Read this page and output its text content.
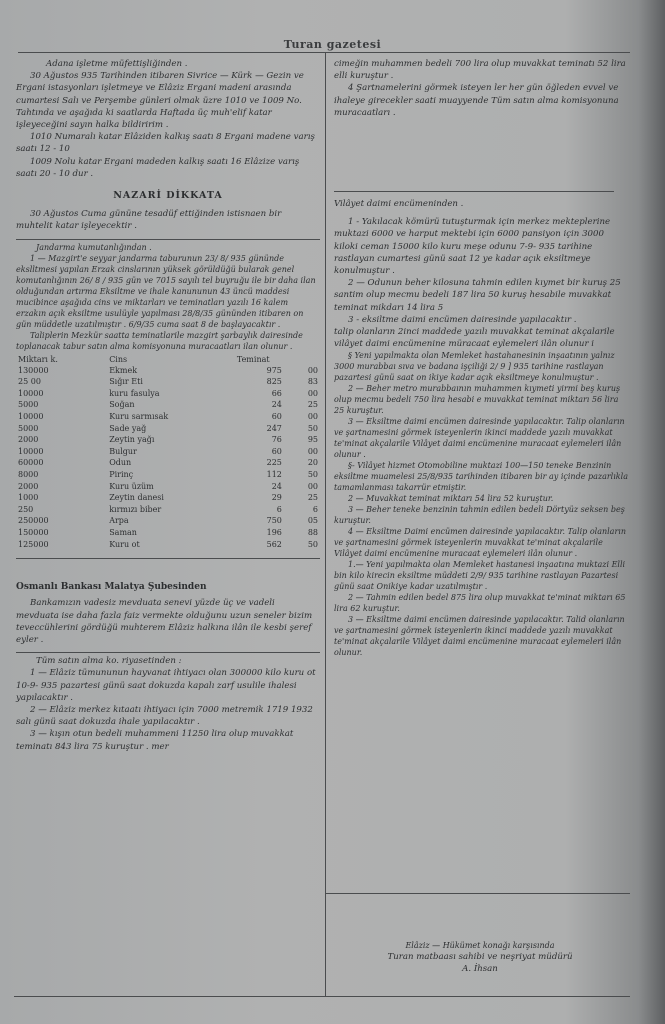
Turan gazetesi

Adana işletme müfettişliğinden .

30 Ağustos 935 Tarihinden itibaren Sivrice — Kürk — Gezin ve Ergani istasyonları işletmeye ve Elâziz Ergani madeni arasında cumartesi Salı ve Perşembe günleri olmak üzre 1010 ve 1009 No. Tahtında ve aşağıda ki saatlarda Haftada üç muh'elif katar işleyeceğini sayın halka bildiririm .

1010 Numaralı katar Elâziden kalkış saatı 8 Ergani madene varış saatı 12 - 10

1009 Nolu katar Ergani madeden kalkış saatı 16 Elâzize varış saatı 20 - 10 dur .

NAZARİ DİKKATA

30 Ağustos Cuma gününe tesadüf ettiğinden istisnaen bir muhtelit katar işleyecektir .

Jandarma kumutanlığından .

1 — Mazgirt'e seyyar jandarma taburunun 23/ 8/ 935 gününde ekslltmesi yapılan Erzak cinslarının yüksek görüldüğü bularak genel komutanlığının 26/ 8 / 935 gün ve 7015 sayılı tel buyruğu ile bir daha ilan olduğundan artırma Eksiltme ve ihale kanununun 43 üncü maddesi mucibince aşağıda cins ve miktarları ve teminatları yazılı 16 kalem erzakın açık eksiltme usulüyle yapılması 28/8/35 gününden itibaren on gün müddetle uzatılmıştır . 6/9/35 cuma saat 8 de başlayacaktır .

Taliplerin Mezkür saatta teminatlarile mazgirt şarbaylık dairesinde toplanacak tabur satın alma komisyonuna muracaatları ilan olunur .

Miktarı k.	Cins	Teminat	
130000	Ekmek	975	00
25 00	Sığır Eti	825	83
10000	kuru fasulya	66	00
5000	Soğan	24	25
10000	Kuru sarmısak	60	00
5000	Sade yağ	247	50
2000	Zeytin yağı	76	95
10000	Bulgur	60	00
60000	Odun	225	20
8000	Pirinç	112	50
2000	Kuru üzüm	24	00
1000	Zeytin danesi	29	25
250	kırmızı biber	6	6
250000	Arpa	750	05
150000	Saman	196	88
125000	Kuru ot	562	50
Osmanlı Bankası Malatya Şubesinden

Bankamızın vadesiz mevduata senevi yüzde üç ve vadeli mevduata ise daha fazla faiz vermekte olduğunu uzun seneler bizim teveccühlerini gördüğü muhterem Elâziz halkına ilân ile kesbi şeref eyler .

Tüm satın alma ko. riyasetinden :

1 — Elâziz tümununun hayvanat ihtiyacı olan 300000 kilo kuru ot 10-9- 935 pazartesi günü saat dokuzda kapalı zarf usulile ihalesi yapılacaktır .

2 — Elâziz merkez kıtaatı ihtiyacı için 7000 metremik 1719 1932 salı günü saat dokuzda ihale yapılacaktır .

3 — kışın otun bedeli muhammeni 11250 lira olup muvakkat teminatı 843 lira 75 kuruştur . mer

cimeğin muhammen bedeli 700 lira olup muvakkat teminatı 52 lira elli kuruştur .

4 Şartnamelerini görmek isteyen ler her gün öğleden evvel ve ihaleye girecekler saati muayyende Tüm satın alma komisyonuna muracaatları .

Vilâyet daimi encümeninden .

1 - Yakılacak kömürü tutuşturmak için merkez mekteplerine muktazi 6000 ve harput mektebi için 6000 pansiyon için 3000 kiloki ceman 15000 kilo kuru meşe odunu 7-9- 935 tarihine rastlayan cumartesi günü saat 12 ye kadar açık eksiltmeye konulmuştur .

2 — Odunun beher kilosuna tahmin edilen kıymet bir kuruş 25 santim olup mecmu bedeli 187 lira 50 kuruş hesabile muvakkat teminat mikdarı 14 lira 5

3 - eksiltme daimi encümen dairesinde yapılacaktır .

talip olanların 2inci maddede yazılı muvakkat teminat akçalarile vilâyet daimi encümenine müracaat eylemeleri ilân olunur i

§ Yeni yapılmakta olan Memleket hastahanesinin inşaatının yalnız 3000 murabbaı sıva ve badana işçiliği 2/ 9 ] 935 tarihine rastlayan pazartesi günü saat on ikiye kadar açık eksiltmeye konulmuştur .

2 — Beher metro murabbaının muhammen kıymeti yirmi beş kuruş olup mecmu bedeli 750 lira hesabi e muvakkat teminat miktarı 56 lira 25 kuruştur.

3 — Eksiltme daimi encümen dairesinde yapılacaktır. Talip olanların ve şartnamesini görmek isteyenlerin ikinci maddede yazılı muvakkat te'minat akçalarile Vilâyet daimi encümenine muracaat eylemeleri ilân olunur .

§- Vilâyet hizmet Otomobiline muktazi 100—150 teneke Benzinin eksiltme muamelesi 25/8/935 tarihinden itibaren bir ay içinde pazarlıkla tamamlanması takarrür etmiştir.

2 — Muvakkat teminat miktarı 54 lira 52 kuruştur.

3 — Beher teneke benzinin tahmin edilen bedeli Dörtyüz seksen beş kuruştur.

4 — Eksiltme Daimi encümen dairesinde yapılacaktır. Talip olanların ve şartnamesini görmek isteyenlerin muvakkat te'minat akçalarile Vilâyet daimi encümenine muracaat eylemeleri ilân olunur .

1.— Yeni yapılmakta olan Memleket hastanesi inşaatına muktazi Elli bin kilo kirecin eksiltme müddeti 2/9/ 935 tarihine rastlayan Pazartesi günü saat Onikiye kadar uzatılmıştır .

2 — Tahmin edilen bedel 875 lira olup muvakkat te'minat miktarı 65 lira 62 kuruştur.

3 — Eksiltme daimi encümen dairesinde yapılacaktır. Talid olanların ve şartnamesini görmek isteyenlerin ikinci maddede yazılı muvakkat te'minat akçalarile Vilâyet daimi encümenine muracaat eylemeleri ilân olunur.

Elâziz — Hükümet konağı karşısında
Turan matbaası sahibi ve neşriyat müdürü
A. İhsan
